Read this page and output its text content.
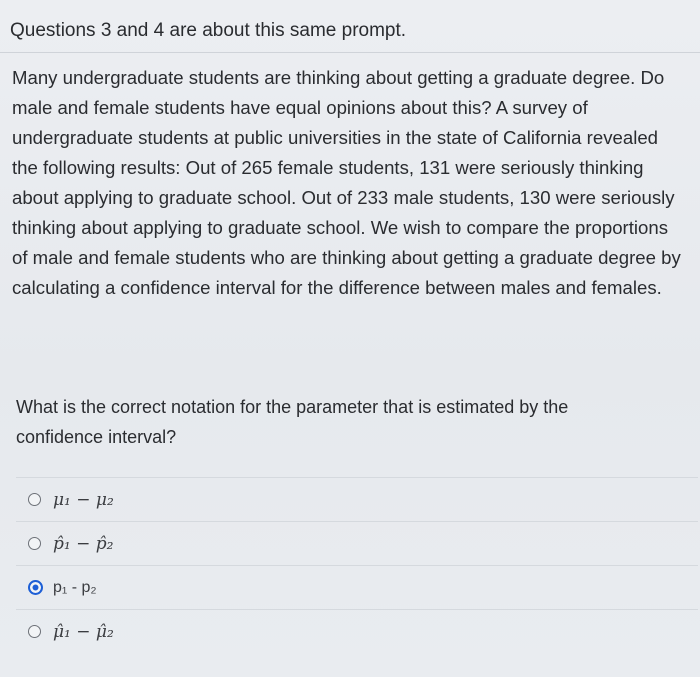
Questions 3 and 4 are about this same prompt.

Many undergraduate students are thinking about getting a graduate degree. Do male and female students have equal opinions about this? A survey of undergraduate students at public universities in the state of California revealed the following results: Out of 265 female students, 131 were seriously thinking about applying to graduate school. Out of 233 male students, 130 were seriously thinking about applying to graduate school. We wish to compare the proportions of male and female students who are thinking about getting a graduate degree by calculating a confidence interval for the difference between males and females.

What is the correct notation for the parameter that is estimated by the confidence interval?
μ₁ − μ₂
p̂₁ − p̂₂
p₁ - p₂
μ̂₁ − μ̂₂
